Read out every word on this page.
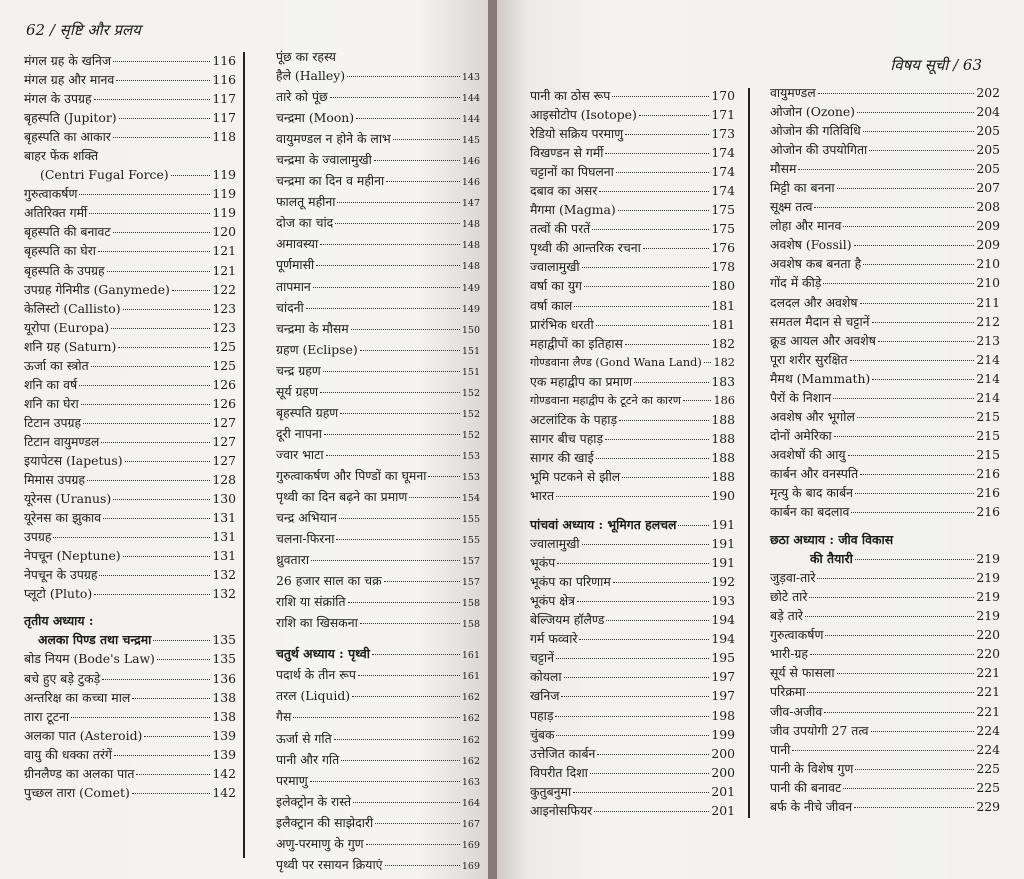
62 / सृष्टि और प्रलय
विषय सूची / 63
मंगल ग्रह के खनिज	116
मंगल ग्रह और मानव	116
मंगल के उपग्रह	117
बृहस्पति (Jupitor)	117
बृहस्पति का आकार	118
बाहर फेंक शक्ति
(Centri Fugal Force)	119
गुरुत्वाकर्षण	119
अतिरिक्त गर्मी	119
बृहस्पति की बनावट	120
बृहस्पति का घेरा	121
बृहस्पति के उपग्रह	121
उपग्रह गेनिमीड (Ganymede)	122
केलिस्टो (Callisto)	123
यूरोपा (Europa)	123
शनि ग्रह (Saturn)	125
ऊर्जा का स्त्रोत	125
शनि का वर्ष	126
शनि का घेरा	126
टिटान उपग्रह	127
टिटान वायुमण्डल	127
इयापेटस (Iapetus)	127
मिमास उपग्रह	128
यूरेनस (Uranus)	130
यूरेनस का झुकाव	131
उपग्रह	131
नेपचून (Neptune)	131
नेपचून के उपग्रह	132
प्लूटो (Pluto)	132
तृतीय अध्याय :
अलका पिण्ड तथा चन्द्रमा	135
बोड नियम (Bode's Law)	135
बचे हुए बड़े टुकड़े	136
अन्तरिक्ष का कच्चा माल	138
तारा टूटना	138
अलका पात (Asteroid)	139
वायु की धक्का तरंगें	139
ग्रीनलैण्ड का अलका पात	142
पुच्छल तारा (Comet)	142
पूंछ का रहस्य
हैले (Halley)	143
तारे को पूंछ	144
चन्द्रमा (Moon)	144
वायुमण्डल न होने के लाभ	145
चन्द्रमा के ज्वालामुखी	146
चन्द्रमा का दिन व महीना	146
फालतू महीना	147
दोज का चांद	148
अमावस्या	148
पूर्णमासी	148
तापमान	149
चांदनी	149
चन्द्रमा के मौसम	150
ग्रहण (Eclipse)	151
चन्द्र ग्रहण	151
सूर्य ग्रहण	152
बृहस्पति ग्रहण	152
दूरी नापना	152
ज्वार भाटा	153
गुरुत्वाकर्षण और पिण्डों का घूमना	153
पृथ्वी का दिन बढ़ने का प्रमाण	154
चन्द्र अभियान	155
चलना-फिरना	155
ध्रुवतारा	157
26 हजार साल का चक्र	157
राशि या संक्रांति	158
राशि का खिसकना	158
चतुर्थ अध्याय : पृथ्वी	161
पदार्थ के तीन रूप	161
तरल (Liquid)	162
गैस	162
ऊर्जा से गति	162
पानी और गति	162
परमाणु	163
इलेक्ट्रोन के रास्ते	164
इलैक्ट्रान की साझेदारी	167
अणु-परमाणु के गुण	169
पृथ्वी पर रसायन क्रियाएं	169
पानी का ठोस रूप	170
आइसोटोप (Isotope)	171
रेडियो सक्रिय परमाणु	173
विखण्डन से गर्मी	174
चट्टानों का पिघलना	174
दबाव का असर	174
मैगमा (Magma)	175
तत्वों की परतें	175
पृथ्वी की आन्तरिक रचना	176
ज्वालामुखी	178
वर्षा का युग	180
वर्षा काल	181
प्रारंभिक धरती	181
महाद्वीपों का इतिहास	182
गोण्डवाना लैण्ड (Gond Wana Land) 182
एक महाद्वीप का प्रमाण	183
गोण्डवाना महाद्वीप के टूटने का कारण	186
अटलांटिक के पहाड़	188
सागर बीच पहाड़	188
सागर की खाई	188
भूमि पटकने से झील	188
भारत	190
पांचवां अध्याय : भूमिगत हलचल	191
ज्वालामुखी	191
भूकंप	191
भूकंप का परिणाम	192
भूकंप क्षेत्र	193
बेल्जियम हॉलैण्ड	194
गर्म फव्वारे	194
चट्टानें	195
कोयला	197
खनिज	197
पहाड़	198
चुंबक	199
उत्तेजित कार्बन	200
विपरीत दिशा	200
कुतुबनुमा	201
आइनोसफियर	201
वायुमण्डल	202
ओजोन (Ozone)	204
ओजोन की गतिविधि	205
ओजोन की उपयोगिता	205
मौसम	205
मिट्टी का बनना	207
सूक्ष्म तत्व	208
लोहा और मानव	209
अवशेष (Fossil)	209
अवशेष कब बनता है	210
गोंद में कीड़े	210
दलदल और अवशेष	211
समतल मैदान से चट्टानें	212
क्रूड आयल और अवशेष	213
पूरा शरीर सुरक्षित	214
मैमथ (Mammath)	214
पैरों के निशान	214
अवशेष और भूगोल	215
दोनों अमेरिका	215
अवशेषों की आयु	215
कार्बन और वनस्पति	216
मृत्यु के बाद कार्बन	216
कार्बन का बदलाव	216
छठा अध्याय : जीव विकास
की तैयारी	219
जुड़वा-तारे	219
छोटे तारे	219
बड़े तारे	219
गुरुत्वाकर्षण	220
भारी-ग्रह	220
सूर्य से फासला	221
परिक्रमा	221
जीव-अजीव	221
जीव उपयोगी 27 तत्व	224
पानी	224
पानी के विशेष गुण	225
पानी की बनावट	225
बर्फ के नीचे जीवन	229
